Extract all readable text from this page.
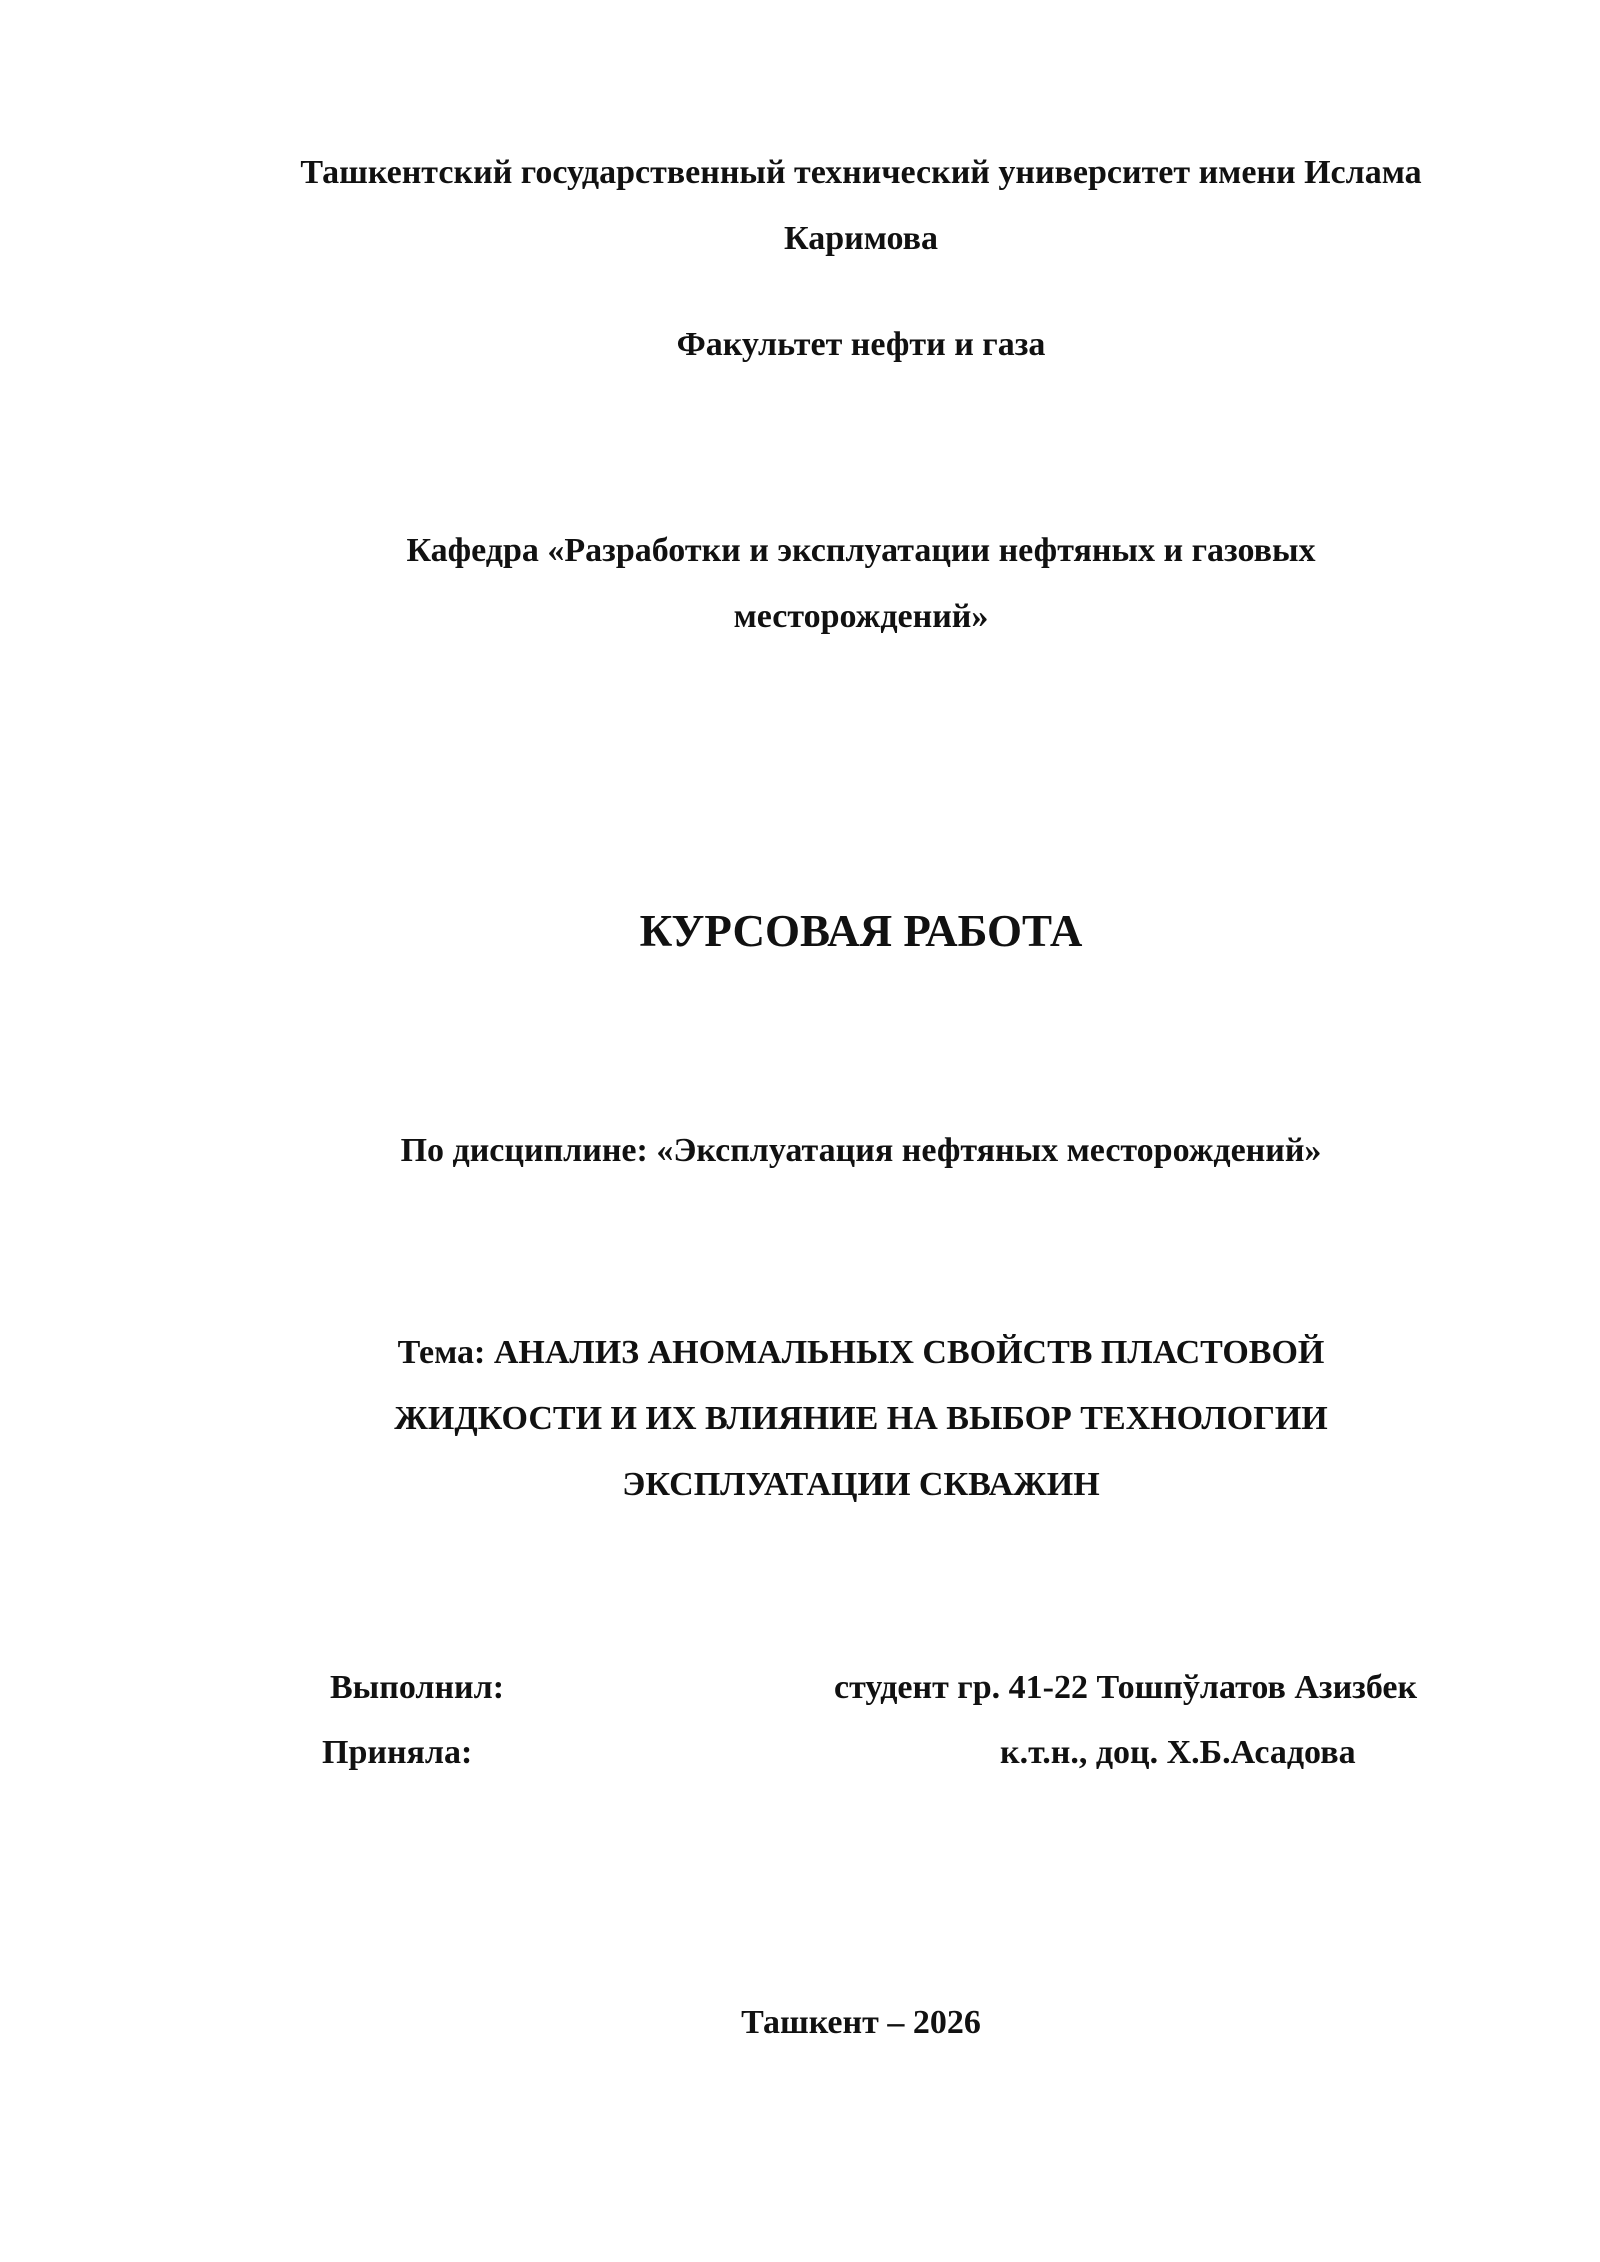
Ташкентский государственный технический университет имени Ислама
Каримова
Факультет нефти и газа
Кафедра «Разработки и эксплуатации нефтяных и газовых
месторождений»
КУРСОВАЯ РАБОТА
По дисциплине: «Эксплуатация нефтяных месторождений»
Тема: АНАЛИЗ АНОМАЛЬНЫХ СВОЙСТВ ПЛАСТОВОЙ
ЖИДКОСТИ И ИХ ВЛИЯНИЕ НА ВЫБОР ТЕХНОЛОГИИ
ЭКСПЛУАТАЦИИ СКВАЖИН
Выполнил:	студент гр. 41-22 Тошпўлатов Азизбек
Приняла:	к.т.н., доц. Х.Б.Асадова
Ташкент – 2026
